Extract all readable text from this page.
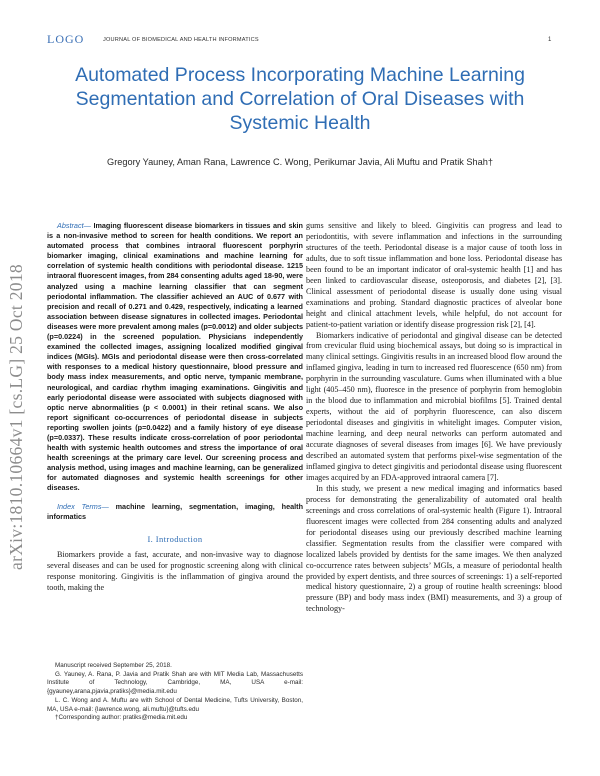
LOGO	JOURNAL OF BIOMEDICAL AND HEALTH INFORMATICS	1
Automated Process Incorporating Machine Learning Segmentation and Correlation of Oral Diseases with Systemic Health
Gregory Yauney, Aman Rana, Lawrence C. Wong, Perikumar Javia, Ali Muftu and Pratik Shah†
arXiv:1810.10664v1 [cs.LG] 25 Oct 2018

Abstract— Imaging fluorescent disease biomarkers in tissues and skin is a non-invasive method to screen for health conditions. We report an automated process that combines intraoral fluorescent porphyrin biomarker imaging, clinical examinations and machine learning for correlation of systemic health conditions with periodontal disease. 1215 intraoral fluorescent images, from 284 consenting adults aged 18-90, were analyzed using a machine learning classifier that can segment periodontal inflammation. The classifier achieved an AUC of 0.677 with precision and recall of 0.271 and 0.429, respectively, indicating a learned association between disease signatures in collected images. Periodontal diseases were more prevalent among males (p=0.0012) and older subjects (p=0.0224) in the screened population. Physicians independently examined the collected images, assigning localized modified gingival indices (MGIs). MGIs and periodontal disease were then cross-correlated with responses to a medical history questionnaire, blood pressure and body mass index measurements, and optic nerve, tympanic membrane, neurological, and cardiac rhythm imaging examinations. Gingivitis and early periodontal disease were associated with subjects diagnosed with optic nerve abnormalities (p < 0.0001) in their retinal scans. We also report significant co-occurrences of periodontal disease in subjects reporting swollen joints (p=0.0422) and a family history of eye disease (p=0.0337). These results indicate cross-correlation of poor periodontal health with systemic health outcomes and stress the importance of oral health screenings at the primary care level. Our screening process and analysis method, using images and machine learning, can be generalized for automated diagnoses and systemic health screenings for other diseases.

Index Terms— machine learning, segmentation, imaging, health informatics

I. Introduction

Biomarkers provide a fast, accurate, and non-invasive way to diagnose several diseases and can be used for prognostic screening along with clinical response monitoring. Gingivitis is the inflammation of gingiva around the tooth, making the

gums sensitive and likely to bleed. Gingivitis can progress and lead to periodontitis, with severe inflammation and infections in the surrounding structures of the teeth. Periodontal disease is a major cause of tooth loss in adults, due to soft tissue inflammation and bone loss. Periodontal disease has been found to be an important indicator of oral-systemic health [1] and has been linked to cardiovascular disease, osteoporosis, and diabetes [2], [3]. Clinical assessment of periodontal disease is usually done using visual examinations and probing. Standard diagnostic practices of alveolar bone height and clinical attachment levels, while helpful, do not account for patient-to-patient variation or identify disease progression risk [2], [4].

Biomarkers indicative of periodontal and gingival disease can be detected from crevicular fluid using biochemical assays, but doing so is impractical in many clinical settings. Gingivitis results in an increased blood flow around the inflamed gingiva, leading in turn to increased red fluorescence (650 nm) from porphyrin in the surrounding vasculature. Gums when illuminated with a blue light (405–450 nm), fluoresce in the presence of porphyrin from hemoglobin in the blood due to inflammation and microbial biofilms [5]. Trained dental experts, without the aid of porphyrin fluorescence, can also discern periodontal diseases and gingivitis in whitelight images. Computer vision, machine learning, and deep neural networks can perform automated and accurate diagnoses of several diseases from images [6]. We have previously described an automated system that performs pixel-wise segmentation of the inflamed gingiva to detect gingivitis and periodontal disease using fluorescent images acquired by an FDA-approved intraoral camera [7].

In this study, we present a new medical imaging and informatics based process for demonstrating the generalizability of automated oral health screenings and cross correlations of oral-systemic health (Figure 1). Intraoral fluorescent images were collected from 284 consenting adults and analyzed for periodontal diseases using our previously described machine learning classifier. Segmentation results from the classifier were compared with localized labels provided by dentists for the same images. We then analyzed co-occurrence rates between subjects’ MGIs, a measure of periodontal health provided by expert dentists, and three sources of screenings: 1) a self-reported medical history questionnaire, 2) a group of routine health screenings: blood pressure (BP) and body mass index (BMI) measurements, and 3) a group of technology-

Manuscript received September 25, 2018.

G. Yauney, A. Rana, P. Javia and Pratik Shah are with MIT Media Lab, Massachusetts Institute of Technology, Cambridge, MA, USA e-mail: {gyauney,arana,pjavia,pratiks}@media.mit.edu

L. C. Wong and A. Muftu are with School of Dental Medicine, Tufts University, Boston, MA, USA e-mail: {lawrence.wong, ali.muftu}@tufts.edu

†Corresponding author: pratiks@media.mit.edu
